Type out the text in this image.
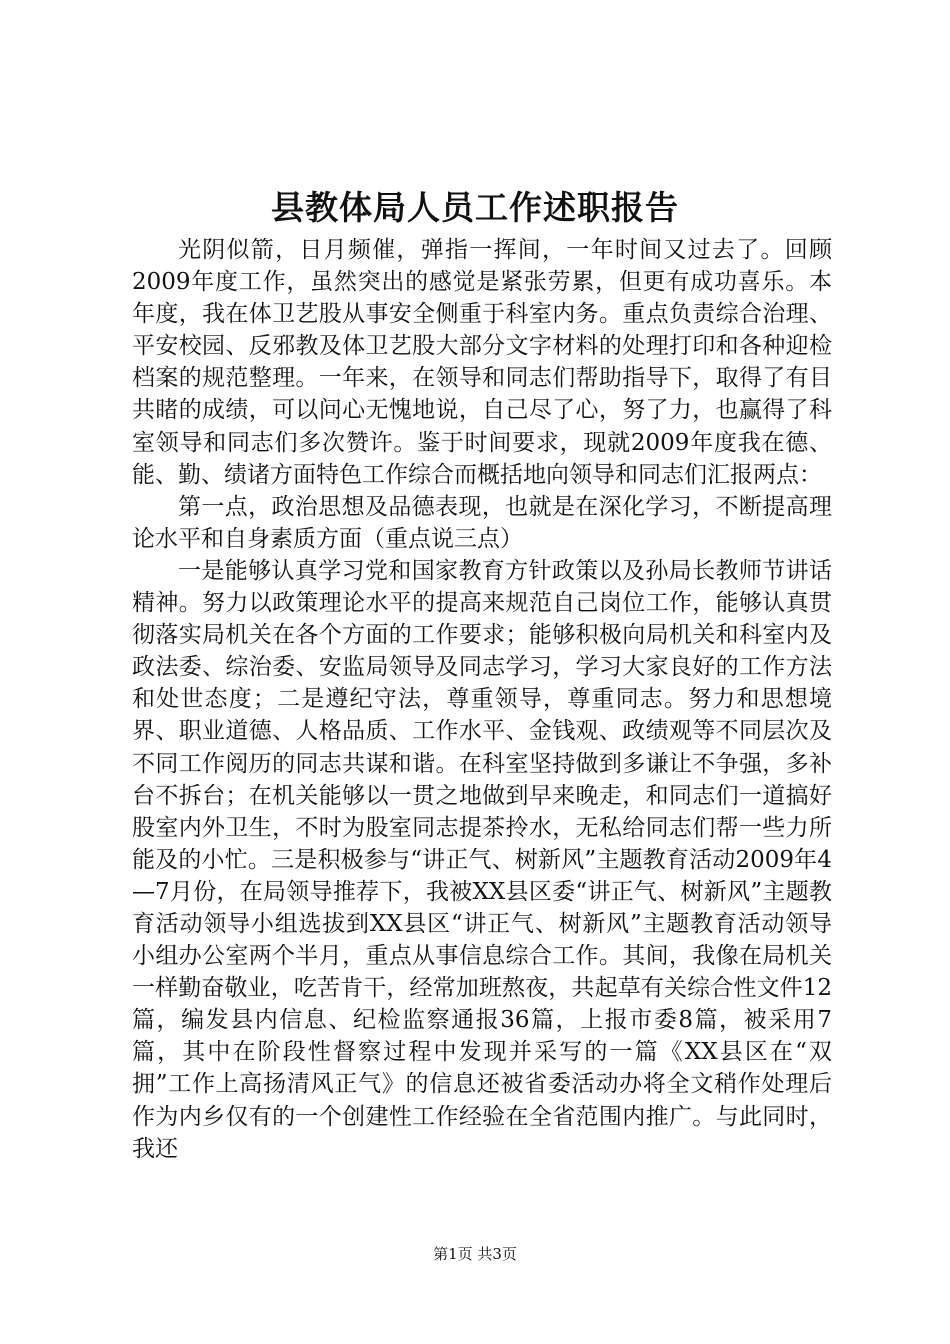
县教体局人员工作述职报告

光阴似箭，日月频催，弹指一挥间，一年时间又过去了。回顾2009年度工作，虽然突出的感觉是紧张劳累，但更有成功喜乐。本年度，我在体卫艺股从事安全侧重于科室内务。重点负责综合治理、平安校园、反邪教及体卫艺股大部分文字材料的处理打印和各种迎检档案的规范整理。一年来，在领导和同志们帮助指导下，取得了有目共睹的成绩，可以问心无愧地说，自己尽了心，努了力，也赢得了科室领导和同志们多次赞许。鉴于时间要求，现就2009年度我在德、能、勤、绩诸方面特色工作综合而概括地向领导和同志们汇报两点：

第一点，政治思想及品德表现，也就是在深化学习，不断提高理论水平和自身素质方面（重点说三点）

一是能够认真学习党和国家教育方针政策以及孙局长教师节讲话精神。努力以政策理论水平的提高来规范自己岗位工作，能够认真贯彻落实局机关在各个方面的工作要求；能够积极向局机关和科室内及政法委、综治委、安监局领导及同志学习，学习大家良好的工作方法和处世态度；二是遵纪守法，尊重领导，尊重同志。努力和思想境界、职业道德、人格品质、工作水平、金钱观、政绩观等不同层次及不同工作阅历的同志共谋和谐。在科室坚持做到多谦让不争强，多补台不拆台；在机关能够以一贯之地做到早来晚走，和同志们一道搞好股室内外卫生，不时为股室同志提茶拎水，无私给同志们帮一些力所能及的小忙。三是积极参与“讲正气、树新风”主题教育活动2009年4—7月份，在局领导推荐下，我被XX县区委“讲正气、树新风”主题教育活动领导小组选拔到XX县区“讲正气、树新风”主题教育活动领导小组办公室两个半月，重点从事信息综合工作。其间，我像在局机关一样勤奋敬业，吃苦肯干，经常加班熬夜，共起草有关综合性文件12篇，编发县内信息、纪检监察通报36篇，上报市委8篇，被采用7篇，其中在阶段性督察过程中发现并采写的一篇《XX县区在“双拥”工作上高扬清风正气》的信息还被省委活动办将全文稍作处理后作为内乡仅有的一个创建性工作经验在全省范围内推广。与此同时，我还

第1页 共3页
